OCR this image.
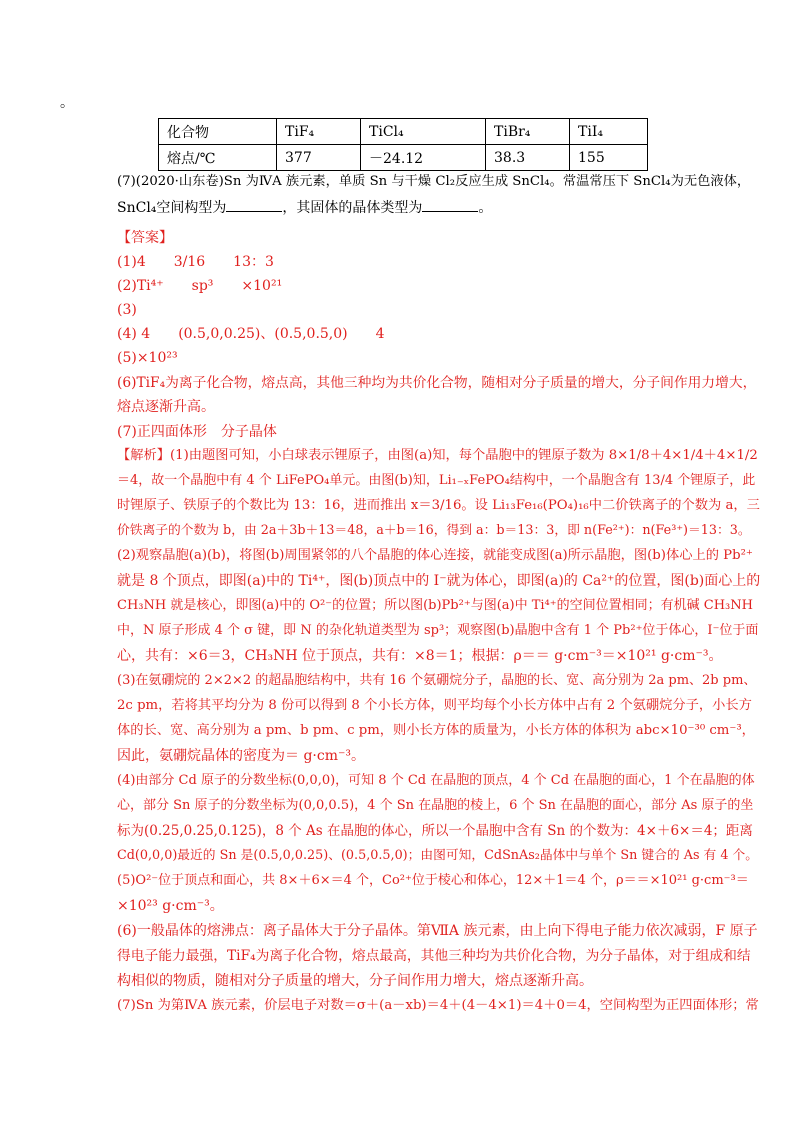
。
化合物	TiF₄	TiCl₄	TiBr₄	TiI₄
熔点/℃	377	－24.12	38.3	155
(7)(2020·山东卷)Sn 为ⅣA 族元素，单质 Sn 与干燥 Cl₂反应生成 SnCl₄。常温常压下 SnCl₄为无色液体，
SnCl₄空间构型为	，其固体的晶体类型为	。
【答案】
(1)4　　3/16　　13：3
(2)Ti⁴⁺　　sp³　　×10²¹
(3)
(4) 4　　(0.5,0,0.25)、(0.5,0.5,0)　　4
(5)×10²³
(6)TiF₄为离子化合物，熔点高，其他三种均为共价化合物，随相对分子质量的增大，分子间作用力增大，
熔点逐渐升高。
(7)正四面体形　分子晶体
【解析】(1)由题图可知，小白球表示锂原子，由图(a)知，每个晶胞中的锂原子数为 8×1/8＋4×1/4＋4×1/2
＝4，故一个晶胞中有 4 个 LiFePO₄单元。由图(b)知，Li₁₋ₓFePO₄结构中，一个晶胞含有 13/4 个锂原子，此
时锂原子、铁原子的个数比为 13：16，进而推出 x＝3/16。设 Li₁₃Fe₁₆(PO₄)₁₆中二价铁离子的个数为 a，三
价铁离子的个数为 b，由 2a＋3b＋13＝48，a＋b＝16，得到 a：b＝13：3，即 n(Fe²⁺)：n(Fe³⁺)＝13：3。
(2)观察晶胞(a)(b)，将图(b)周围紧邻的八个晶胞的体心连接，就能变成图(a)所示晶胞，图(b)体心上的 Pb²⁺
就是 8 个顶点，即图(a)中的 Ti⁴⁺，图(b)顶点中的 I⁻就为体心，即图(a)的 Ca²⁺的位置，图(b)面心上的
CH₃NH 就是核心，即图(a)中的 O²⁻的位置；所以图(b)Pb²⁺与图(a)中 Ti⁴⁺的空间位置相同；有机碱 CH₃NH
中，N 原子形成 4 个 σ 键，即 N 的杂化轨道类型为 sp³；观察图(b)晶胞中含有 1 个 Pb²⁺位于体心，I⁻位于面
心，共有：×6＝3，CH₃NH 位于顶点，共有：×8＝1；根据：ρ＝＝ g·cm⁻³＝×10²¹ g·cm⁻³。
(3)在氨硼烷的 2×2×2 的超晶胞结构中，共有 16 个氨硼烷分子，晶胞的长、宽、高分别为 2a pm、2b pm、
2c pm，若将其平均分为 8 份可以得到 8 个小长方体，则平均每个小长方体中占有 2 个氨硼烷分子，小长方
体的长、宽、高分别为 a pm、b pm、c pm，则小长方体的质量为，小长方体的体积为 abc×10⁻³⁰ cm⁻³，
因此，氨硼烷晶体的密度为＝ g·cm⁻³。
(4)由部分 Cd 原子的分数坐标(0,0,0)，可知 8 个 Cd 在晶胞的顶点，4 个 Cd 在晶胞的面心，1 个在晶胞的体
心，部分 Sn 原子的分数坐标为(0,0,0.5)，4 个 Sn 在晶胞的棱上，6 个 Sn 在晶胞的面心，部分 As 原子的坐
标为(0.25,0.25,0.125)，8 个 As 在晶胞的体心，所以一个晶胞中含有 Sn 的个数为：4×＋6×＝4；距离
Cd(0,0,0)最近的 Sn 是(0.5,0,0.25)、(0.5,0.5,0)；由图可知，CdSnAs₂晶体中与单个 Sn 键合的 As 有 4 个。
(5)O²⁻位于顶点和面心，共 8×＋6×＝4 个，Co²⁺位于棱心和体心，12×＋1＝4 个，ρ＝＝×10²¹ g·cm⁻³＝
×10²³ g·cm⁻³。
(6)一般晶体的熔沸点：离子晶体大于分子晶体。第ⅦA 族元素，由上向下得电子能力依次减弱，F 原子
得电子能力最强，TiF₄为离子化合物，熔点最高，其他三种均为共价化合物，为分子晶体，对于组成和结
构相似的物质，随相对分子质量的增大，分子间作用力增大，熔点逐渐升高。
(7)Sn 为第ⅣA 族元素，价层电子对数＝σ＋(a－xb)＝4＋(4－4×1)＝4＋0＝4，空间构型为正四面体形；常
